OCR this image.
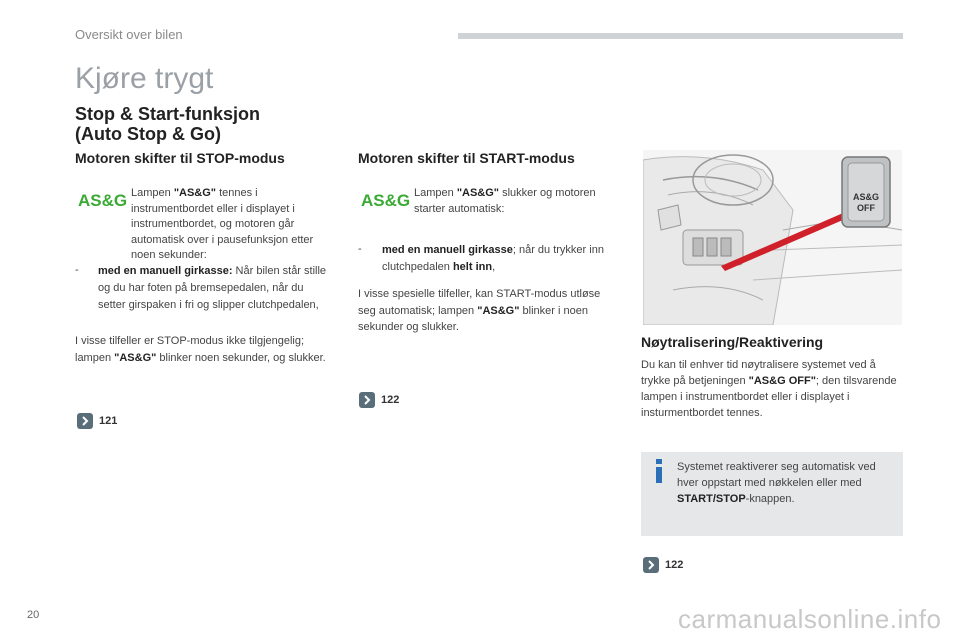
Oversikt over bilen
Kjøre trygt
Stop & Start-funksjon
(Auto Stop & Go)
Motoren skifter til STOP-modus
AS&G Lampen "AS&G" tennes i instrumentbordet eller i displayet i instrumentbordet, og motoren går automatisk over i pausefunksjon etter noen sekunder:
- med en manuell girkasse: Når bilen står stille og du har foten på bremsepedalen, når du setter girspaken i fri og slipper clutchpedalen,
I visse tilfeller er STOP-modus ikke tilgjengelig; lampen "AS&G" blinker noen sekunder, og slukker.
121
Motoren skifter til START-modus
AS&G Lampen "AS&G" slukker og motoren starter automatisk:
- med en manuell girkasse; når du trykker inn clutchpedalen helt inn,
I visse spesielle tilfeller, kan START-modus utløse seg automatisk; lampen "AS&G" blinker i noen sekunder og slukker.
122
AS&G
OFF
Nøytralisering/Reaktivering
Du kan til enhver tid nøytralisere systemet ved å trykke på betjeningen "AS&G OFF"; den tilsvarende lampen i instrumentbordet eller i displayet i insturmentbordet tennes.
Systemet reaktiverer seg automatisk ved hver oppstart med nøkkelen eller med START/STOP-knappen.
122
20	carmanualsonline.info
